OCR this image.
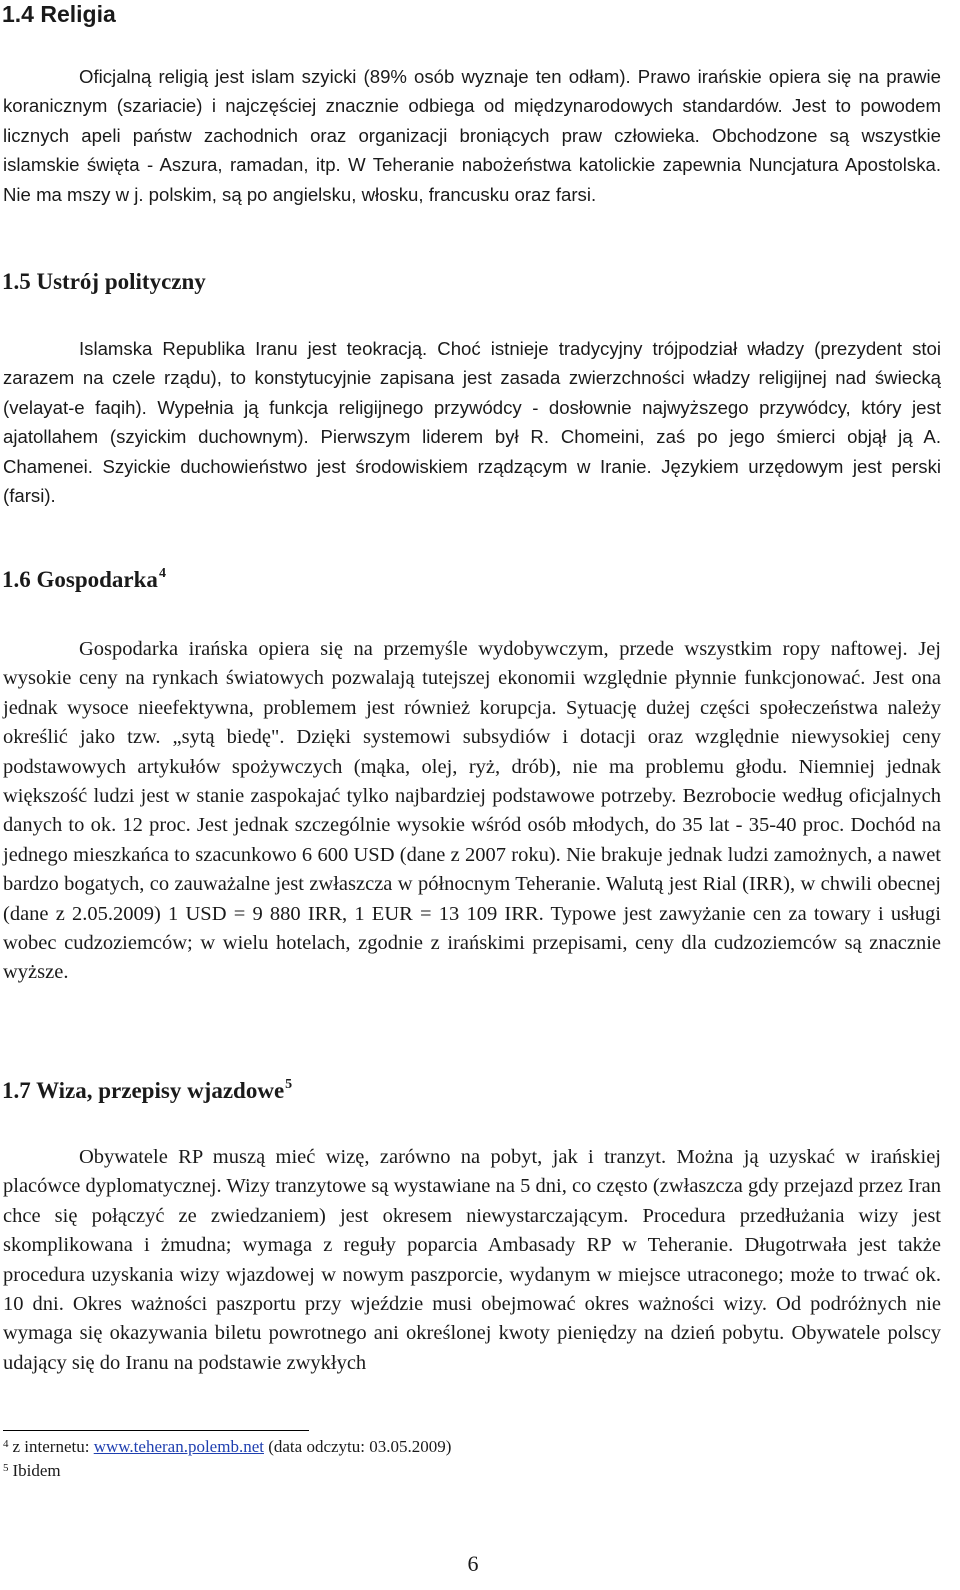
1.4 Religia

Oficjalną religią jest islam szyicki (89% osób wyznaje ten odłam). Prawo irańskie opiera się na prawie koranicznym (szariacie) i najczęściej znacznie odbiega od międzynarodowych standardów. Jest to powodem licznych apeli państw zachodnich oraz organizacji broniących praw człowieka. Obchodzone są wszystkie islamskie święta - Aszura, ramadan, itp. W Teheranie nabożeństwa katolickie zapewnia Nuncjatura Apostolska. Nie ma mszy w j. polskim, są po angielsku, włosku, francusku oraz farsi.

1.5 Ustrój polityczny

Islamska Republika Iranu jest teokracją. Choć istnieje tradycyjny trójpodział władzy (prezydent stoi zarazem na czele rządu), to konstytucyjnie zapisana jest zasada zwierzchności władzy religijnej nad świecką (velayat-e faqih). Wypełnia ją funkcja religijnego przywódcy - dosłownie najwyższego przywódcy, który jest ajatollahem (szyickim duchownym). Pierwszym liderem był R. Chomeini, zaś po jego śmierci objął ją A. Chamenei. Szyickie duchowieństwo jest środowiskiem rządzącym w Iranie. Językiem urzędowym jest perski (farsi).

1.6 Gospodarka$^4$

Gospodarka irańska opiera się na przemyśle wydobywczym, przede wszystkim ropy naftowej. Jej wysokie ceny na rynkach światowych pozwalają tutejszej ekonomii względnie płynnie funkcjonować. Jest ona jednak wysoce nieefektywna, problemem jest również korupcja. Sytuację dużej części społeczeństwa należy określić jako tzw. „sytą biedę". Dzięki systemowi subsydiów i dotacji oraz względnie niewysokiej ceny podstawowych artykułów spożywczych (mąka, olej, ryż, drób), nie ma problemu głodu. Niemniej jednak większość ludzi jest w stanie zaspokajać tylko najbardziej podstawowe potrzeby. Bezrobocie według oficjalnych danych to ok. 12 proc. Jest jednak szczególnie wysokie wśród osób młodych, do 35 lat - 35-40 proc. Dochód na jednego mieszkańca to szacunkowo 6 600 USD (dane z 2007 roku). Nie brakuje jednak ludzi zamożnych, a nawet bardzo bogatych, co zauważalne jest zwłaszcza w północnym Teheranie. Walutą jest Rial (IRR), w chwili obecnej (dane z 2.05.2009) 1 USD = 9 880 IRR, 1 EUR = 13 109 IRR. Typowe jest zawyżanie cen za towary i usługi wobec cudzoziemców; w wielu hotelach, zgodnie z irańskimi przepisami, ceny dla cudzoziemców są znacznie wyższe.

1.7 Wiza, przepisy wjazdowe$^5$

Obywatele RP muszą mieć wizę, zarówno na pobyt, jak i tranzyt. Można ją uzyskać w irańskiej placówce dyplomatycznej. Wizy tranzytowe są wystawiane na 5 dni, co często (zwłaszcza gdy przejazd przez Iran chce się połączyć ze zwiedzaniem) jest okresem niewystarczającym. Procedura przedłużania wizy jest skomplikowana i żmudna; wymaga z reguły poparcia Ambasady RP w Teheranie. Długotrwała jest także procedura uzyskania wizy wjazdowej w nowym paszporcie, wydanym w miejsce utraconego; może to trwać ok. 10 dni. Okres ważności paszportu przy wjeździe musi obejmować okres ważności wizy. Od podróżnych nie wymaga się okazywania biletu powrotnego ani określonej kwoty pieniędzy na dzień pobytu. Obywatele polscy udający się do Iranu na podstawie zwykłych

$^4$ z internetu: www.teheran.polemb.net (data odczytu: 03.05.2009)

$^5$ Ibidem

6
